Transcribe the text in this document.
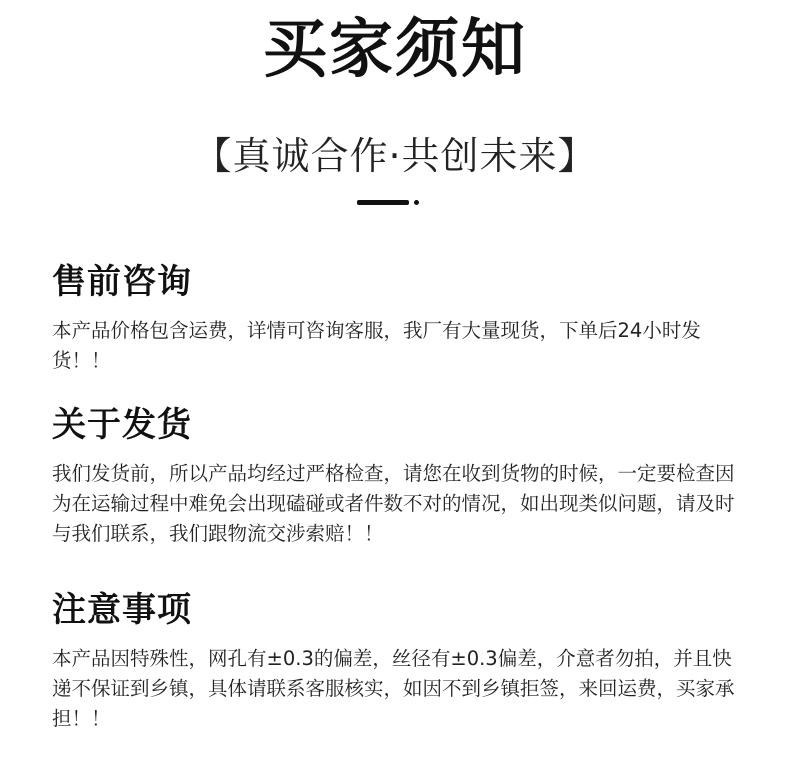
买家须知
【真诚合作·共创未来】
售前咨询

本产品价格包含运费，详情可咨询客服，我厂有大量现货，下单后24小时发货！！

关于发货

我们发货前，所以产品均经过严格检查，请您在收到货物的时候，一定要检查因为在运输过程中难免会出现磕碰或者件数不对的情况，如出现类似问题，请及时与我们联系，我们跟物流交涉索赔！！

注意事项

本产品因特殊性，网孔有±0.3的偏差，丝径有±0.3偏差，介意者勿拍，并且快递不保证到乡镇，具体请联系客服核实，如因不到乡镇拒签，来回运费，买家承担！！
